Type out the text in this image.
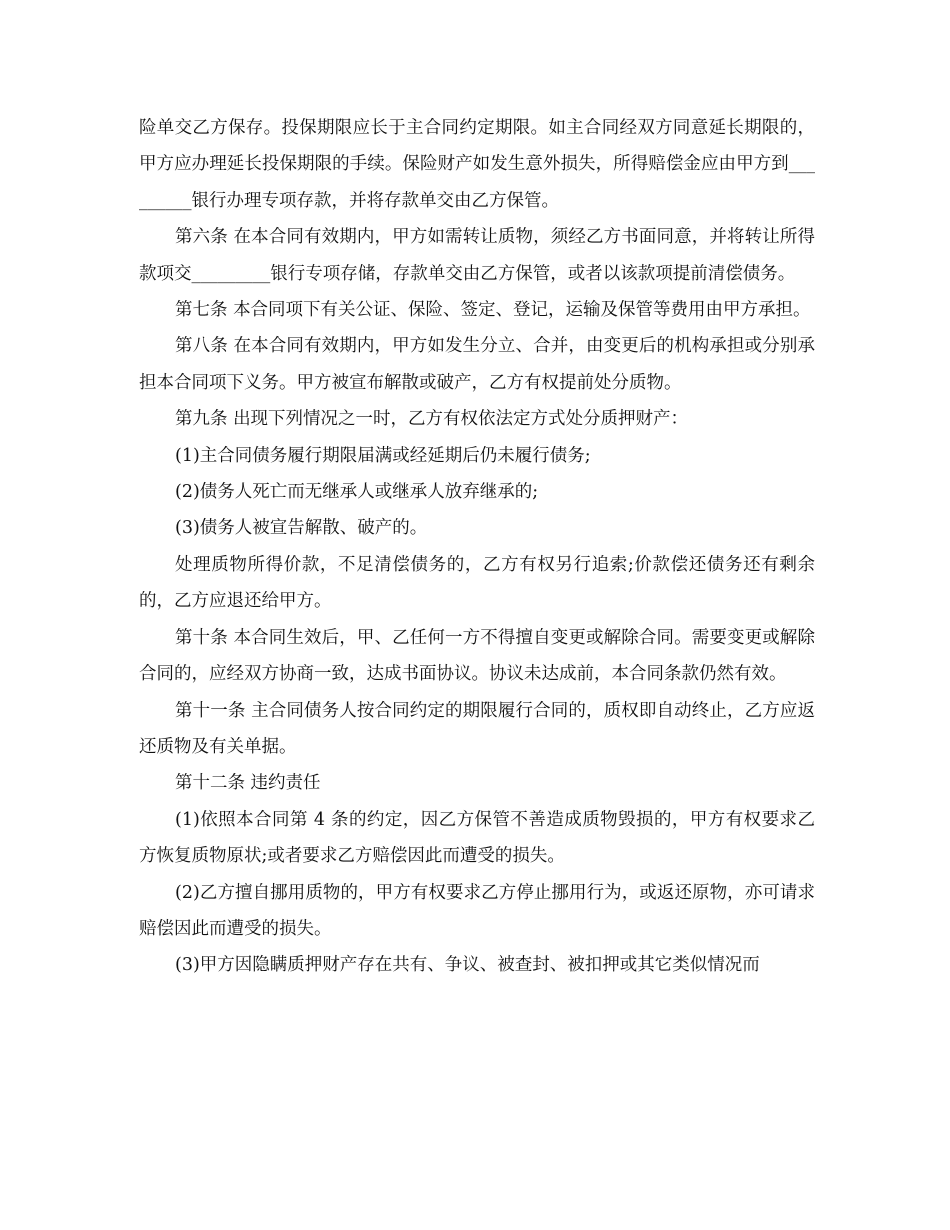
险单交乙方保存。投保期限应长于主合同约定期限。如主合同经双方同意延长期限的，甲方应办理延长投保期限的手续。保险财产如发生意外损失，所得赔偿金应由甲方到_________银行办理专项存款，并将存款单交由乙方保管。

第六条 在本合同有效期内，甲方如需转让质物，须经乙方书面同意，并将转让所得款项交_________银行专项存储，存款单交由乙方保管，或者以该款项提前清偿债务。

第七条 本合同项下有关公证、保险、签定、登记，运输及保管等费用由甲方承担。

第八条 在本合同有效期内，甲方如发生分立、合并，由变更后的机构承担或分别承担本合同项下义务。甲方被宣布解散或破产，乙方有权提前处分质物。

第九条 出现下列情况之一时，乙方有权依法定方式处分质押财产：

(1)主合同债务履行期限届满或经延期后仍未履行债务;

(2)债务人死亡而无继承人或继承人放弃继承的;

(3)债务人被宣告解散、破产的。

处理质物所得价款，不足清偿债务的，乙方有权另行追索;价款偿还债务还有剩余的，乙方应退还给甲方。

第十条 本合同生效后，甲、乙任何一方不得擅自变更或解除合同。需要变更或解除合同的，应经双方协商一致，达成书面协议。协议未达成前，本合同条款仍然有效。

第十一条 主合同债务人按合同约定的期限履行合同的，质权即自动终止，乙方应返还质物及有关单据。

第十二条 违约责任

(1)依照本合同第 4 条的约定，因乙方保管不善造成质物毁损的，甲方有权要求乙方恢复质物原状;或者要求乙方赔偿因此而遭受的损失。

(2)乙方擅自挪用质物的，甲方有权要求乙方停止挪用行为，或返还原物，亦可请求赔偿因此而遭受的损失。

(3)甲方因隐瞒质押财产存在共有、争议、被查封、被扣押或其它类似情况而
